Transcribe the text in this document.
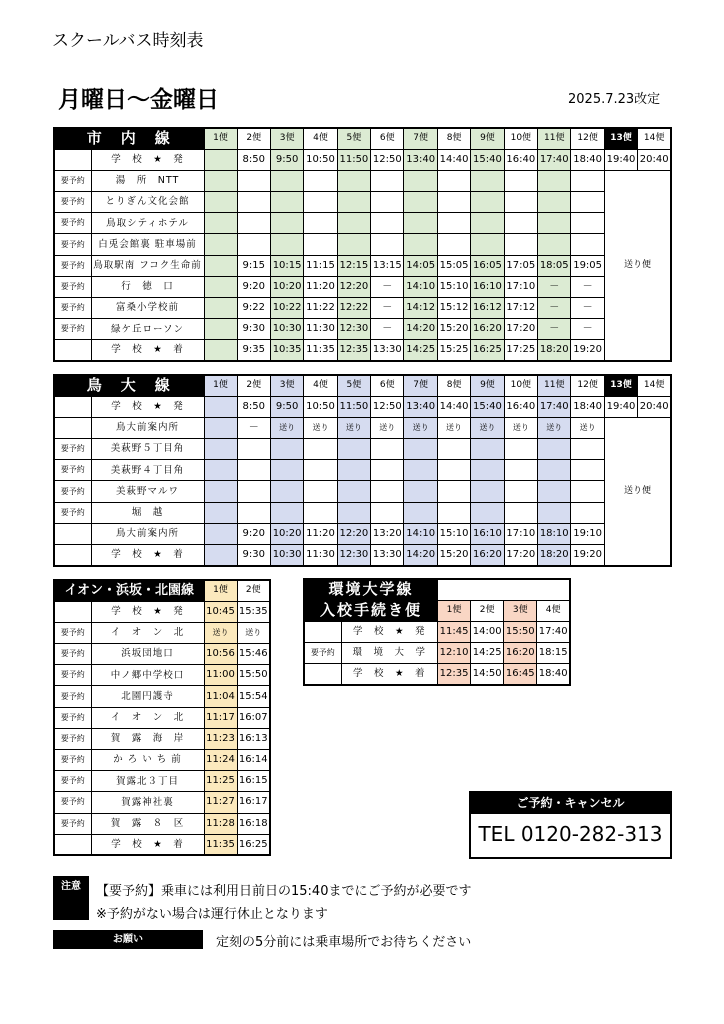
スクールバス時刻表
月曜日～金曜日	2025.7.23改定
市　内　線		1便	2便	3便	4便	5便	6便	7便	8便	9便	10便	11便	12便	13便	14便
	学　校　★　発		8:50	9:50	10:50	11:50	12:50	13:40	14:40	15:40	16:40	17:40	18:40	19:40	20:40
要予約	湯　所　NTT													送り便	
要予約	とりぎん文化会館														
要予約	鳥取シティホテル														
要予約	白兎会館裏 駐車場前														
要予約	鳥取駅南 フコク生命前		9:15	10:15	11:15	12:15	13:15	14:05	15:05	16:05	17:05	18:05	19:05		
要予約	行　徳　口		9:20	10:20	11:20	12:20	－	14:10	15:10	16:10	17:10	－	－		
要予約	富桑小学校前		9:22	10:22	11:22	12:22	－	14:12	15:12	16:12	17:12	－	－		
要予約	緑ケ丘ローソン		9:30	10:30	11:30	12:30	－	14:20	15:20	16:20	17:20	－	－		
	学　校　★　着		9:35	10:35	11:35	12:35	13:30	14:25	15:25	16:25	17:25	18:20	19:20		
鳥　大　線		1便	2便	3便	4便	5便	6便	7便	8便	9便	10便	11便	12便	13便	14便
	学　校　★　発		8:50	9:50	10:50	11:50	12:50	13:40	14:40	15:40	16:40	17:40	18:40	19:40	20:40
	鳥大前案内所		－	送り	送り	送り	送り	送り	送り	送り	送り	送り	送り	送り便	
要予約	美萩野５丁目角														
要予約	美萩野４丁目角														
要予約	美萩野マルワ														
要予約	堀　越														
	鳥大前案内所		9:20	10:20	11:20	12:20	13:20	14:10	15:10	16:10	17:10	18:10	19:10		
	学　校　★　着		9:30	10:30	11:30	12:30	13:30	14:20	15:20	16:20	17:20	18:20	19:20		
イオン・浜坂・北園線		1便	2便
	学　校　★　発	10:45	15:35
要予約	イ　オ　ン　北	送り	送り
要予約	浜坂団地口	10:56	15:46
要予約	中ノ郷中学校口	11:00	15:50
要予約	北園円護寺	11:04	15:54
要予約	イ　オ　ン　北	11:17	16:07
要予約	賀　露　海　岸	11:23	16:13
要予約	か ろ い ち 前	11:24	16:14
要予約	賀露北３丁目	11:25	16:15
要予約	賀露神社裏	11:27	16:17
要予約	賀　露　８　区	11:28	16:18
	学　校　★　着	11:35	16:25
環境大学線					
入校手続き便		1便	2便	3便	4便
	学　校　★　発	11:45	14:00	15:50	17:40
要予約	環　境　大　学	12:10	14:25	16:20	18:15
	学　校　★　着	12:35	14:50	16:45	18:40
ご予約・キャンセル
TEL 0120-282-313
注意	【要予約】乗車には利用日前日の15:40までにご予約が必要です
※予約がない場合は運行休止となります
お願い	定刻の5分前には乗車場所でお待ちください
